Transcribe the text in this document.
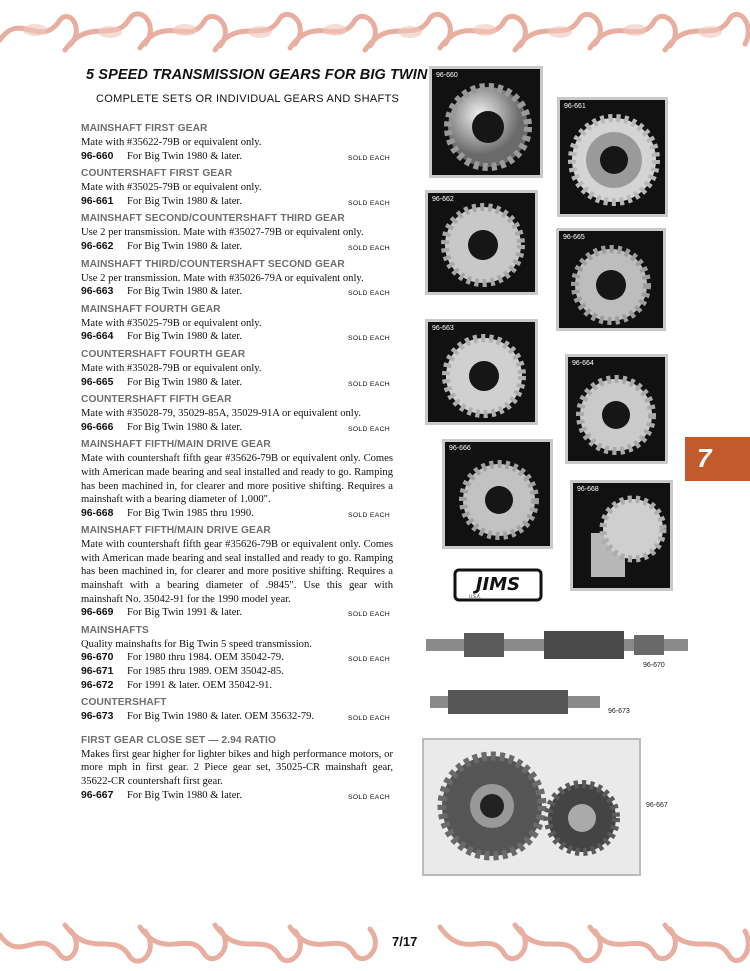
5 SPEED TRANSMISSION GEARS FOR BIG TWIN
COMPLETE SETS OR INDIVIDUAL GEARS AND SHAFTS
MAINSHAFT FIRST GEAR
Mate with #35622-79B or equivalent only.
96-660 For Big Twin 1980 & later.	SOLD EACH
COUNTERSHAFT FIRST GEAR
Mate with #35025-79B or equivalent only.
96-661 For Big Twin 1980 & later.	SOLD EACH
MAINSHAFT SECOND/COUNTERSHAFT THIRD GEAR
Use 2 per transmission. Mate with #35027-79B or equivalent only.
96-662 For Big Twin 1980 & later.	SOLD EACH
MAINSHAFT THIRD/COUNTERSHAFT SECOND GEAR
Use 2 per transmission. Mate with #35026-79A or equivalent only.
96-663 For Big Twin 1980 & later.	SOLD EACH
MAINSHAFT FOURTH GEAR
Mate with #35025-79B or equivalent only.
96-664 For Big Twin 1980 & later.	SOLD EACH
COUNTERSHAFT FOURTH GEAR
Mate with #35028-79B or equivalent only.
96-665 For Big Twin 1980 & later.	SOLD EACH
COUNTERSHAFT FIFTH GEAR
Mate with #35028-79, 35029-85A, 35029-91A or equivalent only.
96-666 For Big Twin 1980 & later.	SOLD EACH
MAINSHAFT FIFTH/MAIN DRIVE GEAR
Mate with countershaft fifth gear #35626-79B or equivalent only. Comes with American made bearing and seal installed and ready to go. Ramping has been machined in, for clearer and more positive shifting. Requires a mainshaft with a bearing diameter of 1.000".
96-668 For Big Twin 1985 thru 1990.	SOLD EACH
MAINSHAFT FIFTH/MAIN DRIVE GEAR
Mate with countershaft fifth gear #35626-79B or equivalent only. Comes with American made bearing and seal installed and ready to go. Ramping has been machined in, for clearer and more positive shifting. Requires a mainshaft with a bearing diameter of .9845". Use this gear with mainshaft No. 35042-91 for the 1990 model year.
96-669 For Big Twin 1991 & later.	SOLD EACH
MAINSHAFTS
Quality mainshafts for Big Twin 5 speed transmission.
96-670 For 1980 thru 1984. OEM 35042-79.	SOLD EACH
96-671 For 1985 thru 1989. OEM 35042-85.
96-672 For 1991 & later. OEM 35042-91.
COUNTERSHAFT
96-673 For Big Twin 1980 & later. OEM 35632-79.	SOLD EACH
FIRST GEAR CLOSE SET — 2.94 RATIO
Makes first gear higher for lighter bikes and high performance motors, or more mph in first gear. 2 Piece gear set, 35025-CR mainshaft gear, 35622-CR countershaft first gear.
96-667 For Big Twin 1980 & later.	SOLD EACH
96-660
96-661
96-662
96-665
96-663
96-664
96-666
96-668
JIMS
U.S.A.
96-670
96-673
96-667
7
7/17
